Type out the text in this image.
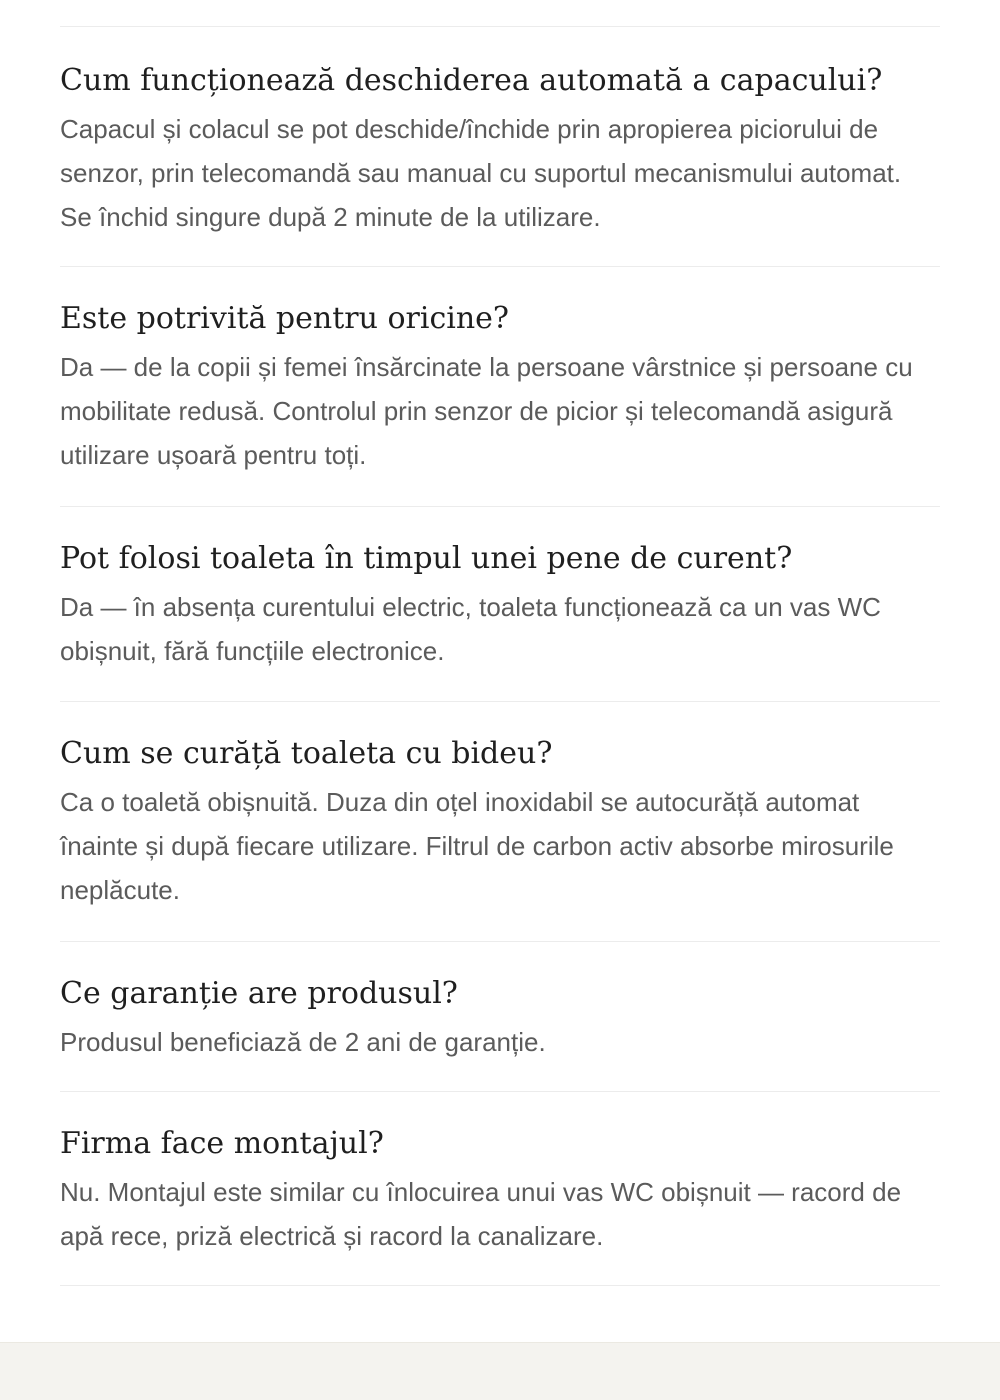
Cum funcționează deschiderea automată a capacului?

Capacul și colacul se pot deschide/închide prin apropierea piciorului de senzor, prin telecomandă sau manual cu suportul mecanismului automat. Se închid singure după 2 minute de la utilizare.

Este potrivită pentru oricine?

Da — de la copii și femei însărcinate la persoane vârstnice și persoane cu mobilitate redusă. Controlul prin senzor de picior și telecomandă asigură utilizare ușoară pentru toți.

Pot folosi toaleta în timpul unei pene de curent?

Da — în absența curentului electric, toaleta funcționează ca un vas WC obișnuit, fără funcțiile electronice.

Cum se curăță toaleta cu bideu?

Ca o toaletă obișnuită. Duza din oțel inoxidabil se autocurăță automat înainte și după fiecare utilizare. Filtrul de carbon activ absorbe mirosurile neplăcute.

Ce garanție are produsul?

Produsul beneficiază de 2 ani de garanție.

Firma face montajul?

Nu. Montajul este similar cu înlocuirea unui vas WC obișnuit — racord de apă rece, priză electrică și racord la canalizare.
